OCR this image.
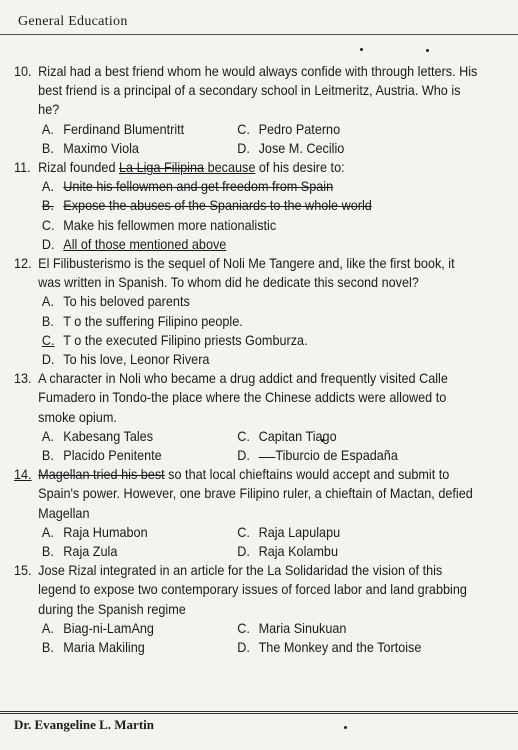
General Education

10. Rizal had a best friend whom he would always confide with through letters. His best friend is a principal of a secondary school in Leitmeritz, Austria. Who is he?

A. Ferdinand Blumentritt	C. Pedro Paterno
B. Maximo Viola	D. Jose M. Cecilio

11. Rizal founded La Liga Filipina because of his desire to:

A. Unite his fellowmen and get freedom from Spain
B. Expose the abuses of the Spaniards to the whole world
C. Make his fellowmen more nationalistic
D. All of those mentioned above

12. El Filibusterismo is the sequel of Noli Me Tangere and, like the first book, it was written in Spanish. To whom did he dedicate this second novel?

A. To his beloved parents
B. T o the suffering Filipino people.
C. T o the executed Filipino priests Gomburza.
D. To his love, Leonor Rivera

13. A character in Noli who became a drug addict and frequently visited Calle Fumadero in Tondo-the place where the Chinese addicts were allowed to smoke opium.

A. Kabesang Tales	C. Capitan Tiago
B. Placido Penitente	D.	Tiburcio de Espadaña

14. Magellan tried his best so that local chieftains would accept and submit to Spain's power. However, one brave Filipino ruler, a chieftain of Mactan, defied Magellan

A. Raja Humabon	C. Raja Lapulapu
B. Raja Zula	D. Raja Kolambu

15. Jose Rizal integrated in an article for the La Solidaridad the vision of this legend to expose two contemporary issues of forced labor and land grabbing during the Spanish regime

A. Biag-ni-LamAng	C. Maria Sinukuan
B. Maria Makiling	D. The Monkey and the Tortoise
Dr. Evangeline L. Martin
